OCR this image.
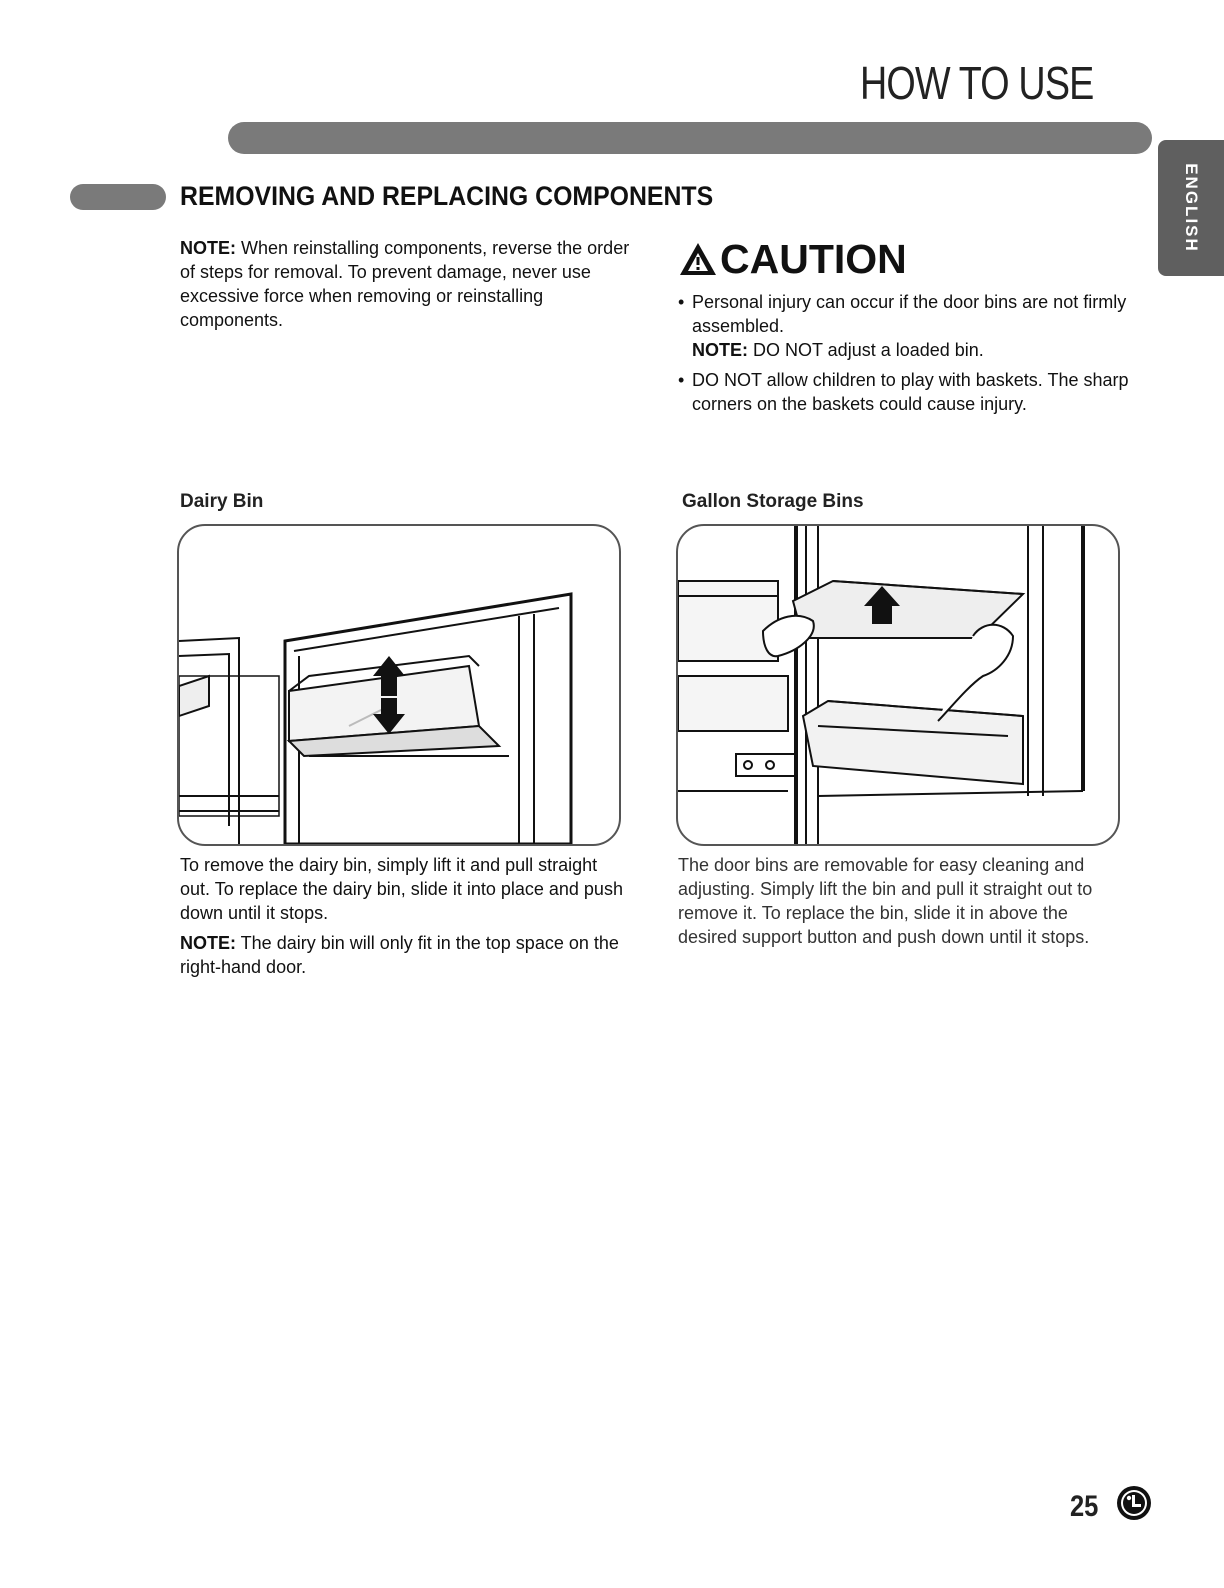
HOW TO USE
ENGLISH
REMOVING AND REPLACING COMPONENTS
NOTE: When reinstalling components, reverse the order of steps for removal. To prevent damage, never use excessive force when removing or reinstalling components.
CAUTION
• Personal injury can occur if the door bins are not firmly assembled.
NOTE: DO NOT adjust a loaded bin.
• DO NOT allow children to play with baskets. The sharp corners on the baskets could cause injury.
Dairy Bin	Gallon Storage Bins
To remove the dairy bin, simply lift it and pull straight out. To replace the dairy bin, slide it into place and push down until it stops.
NOTE: The dairy bin will only fit in the top space on the right-hand door.
The door bins are removable for easy cleaning and adjusting. Simply lift the bin and pull it straight out to remove it. To replace the bin, slide it in above the desired support button and push down until it stops.
25
